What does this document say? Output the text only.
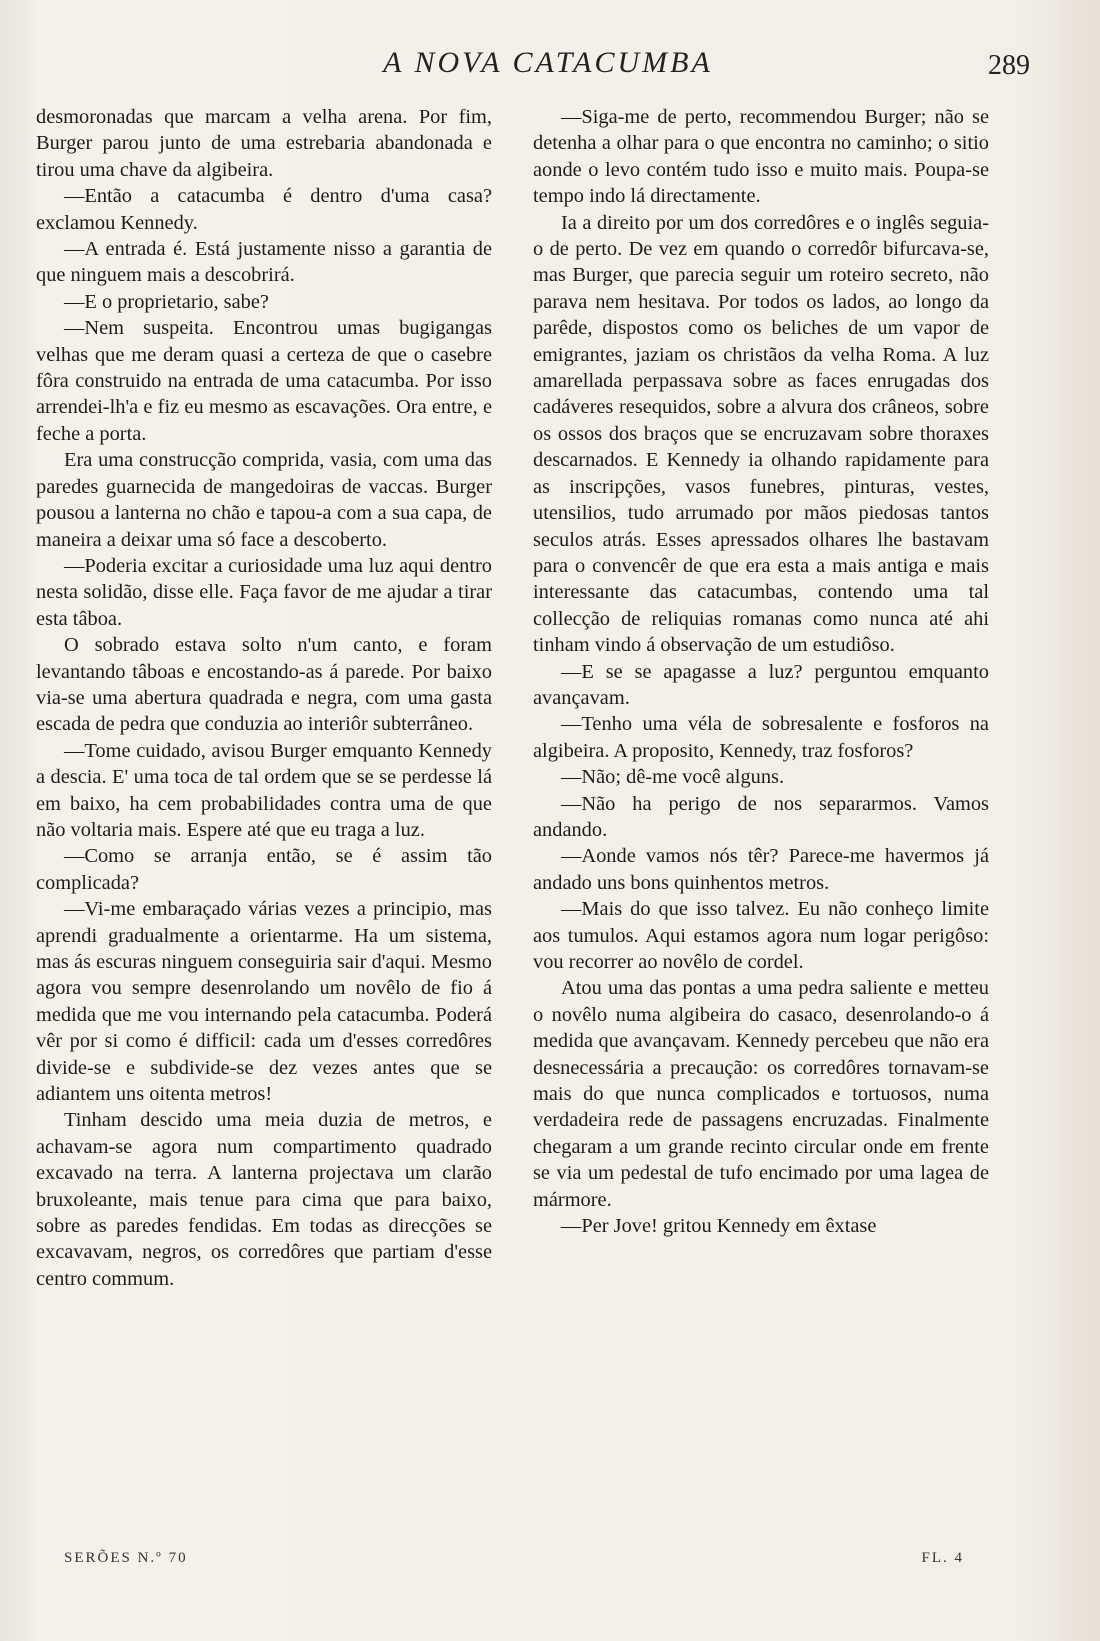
A NOVA CATACUMBA	289

desmoronadas que marcam a velha arena. Por fim, Burger parou junto de uma estrebaria abandonada e tirou uma chave da algibeira.

—Então a catacumba é dentro d'uma casa? exclamou Kennedy.

—A entrada é. Está justamente nisso a garantia de que ninguem mais a descobrirá.

—E o proprietario, sabe?

—Nem suspeita. Encontrou umas bugigangas velhas que me deram quasi a certeza de que o casebre fôra construido na entrada de uma catacumba. Por isso arrendei-lh'a e fiz eu mesmo as escavações. Ora entre, e feche a porta.

Era uma construcção comprida, vasia, com uma das paredes guarnecida de mangedoiras de vaccas. Burger pousou a lanterna no chão e tapou-a com a sua capa, de maneira a deixar uma só face a descoberto.

—Poderia excitar a curiosidade uma luz aqui dentro nesta solidão, disse elle. Faça favor de me ajudar a tirar esta tâboa.

O sobrado estava solto n'um canto, e foram levantando tâboas e encostando-as á parede. Por baixo via-se uma abertura quadrada e negra, com uma gasta escada de pedra que conduzia ao interiôr subterrâneo.

—Tome cuidado, avisou Burger emquanto Kennedy a descia. E' uma toca de tal ordem que se se perdesse lá em baixo, ha cem probabilidades contra uma de que não voltaria mais. Espere até que eu traga a luz.

—Como se arranja então, se é assim tão complicada?

—Vi-me embaraçado várias vezes a principio, mas aprendi gradualmente a orientarme. Ha um sistema, mas ás escuras ninguem conseguiria sair d'aqui. Mesmo agora vou sempre desenrolando um novêlo de fio á medida que me vou internando pela catacumba. Poderá vêr por si como é difficil: cada um d'esses corredôres divide-se e subdivide-se dez vezes antes que se adiantem uns oitenta metros!

Tinham descido uma meia duzia de metros, e achavam-se agora num compartimento quadrado excavado na terra. A lanterna projectava um clarão bruxoleante, mais tenue para cima que para baixo, sobre as paredes fendidas. Em todas as direcções se excavavam, negros, os corredôres que partiam d'esse centro commum.

—Siga-me de perto, recommendou Burger; não se detenha a olhar para o que encontra no caminho; o sitio aonde o levo contém tudo isso e muito mais. Poupa-se tempo indo lá directamente.

Ia a direito por um dos corredôres e o inglês seguia-o de perto. De vez em quando o corredôr bifurcava-se, mas Burger, que parecia seguir um roteiro secreto, não parava nem hesitava. Por todos os lados, ao longo da parêde, dispostos como os beliches de um vapor de emigrantes, jaziam os christãos da velha Roma. A luz amarellada perpassava sobre as faces enrugadas dos cadáveres resequidos, sobre a alvura dos crâneos, sobre os ossos dos braços que se encruzavam sobre thoraxes descarnados. E Kennedy ia olhando rapidamente para as inscripções, vasos funebres, pinturas, vestes, utensilios, tudo arrumado por mãos piedosas tantos seculos atrás. Esses apressados olhares lhe bastavam para o convencêr de que era esta a mais antiga e mais interessante das catacumbas, contendo uma tal collecção de reliquias romanas como nunca até ahi tinham vindo á observação de um estudiôso.

—E se se apagasse a luz? perguntou emquanto avançavam.

—Tenho uma véla de sobresalente e fosforos na algibeira. A proposito, Kennedy, traz fosforos?

—Não; dê-me você alguns.

—Não ha perigo de nos separarmos. Vamos andando.

—Aonde vamos nós têr? Parece-me havermos já andado uns bons quinhentos metros.

—Mais do que isso talvez. Eu não conheço limite aos tumulos. Aqui estamos agora num logar perigôso: vou recorrer ao novêlo de cordel.

Atou uma das pontas a uma pedra saliente e metteu o novêlo numa algibeira do casaco, desenrolando-o á medida que avançavam. Kennedy percebeu que não era desnecessária a precaução: os corredôres tornavam-se mais do que nunca complicados e tortuosos, numa verdadeira rede de passagens encruzadas. Finalmente chegaram a um grande recinto circular onde em frente se via um pedestal de tufo encimado por uma lagea de mármore.

—Per Jove! gritou Kennedy em êxtase

SERÕES N.º 70	FL. 4
